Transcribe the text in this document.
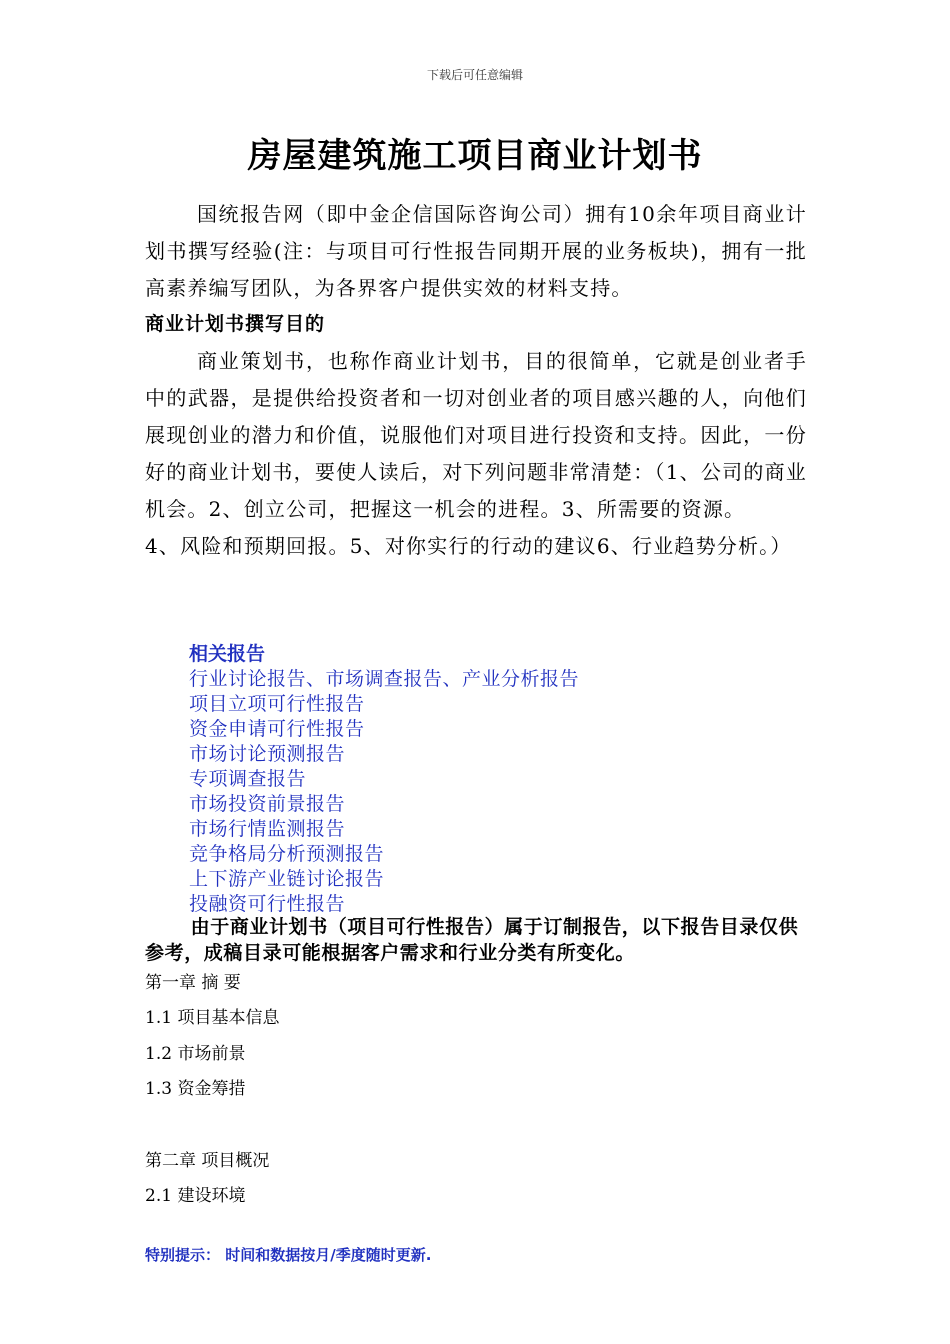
下载后可任意编辑
房屋建筑施工项目商业计划书

国统报告网（即中金企信国际咨询公司）拥有10余年项目商业计划书撰写经验(注：与项目可行性报告同期开展的业务板块)，拥有一批高素养编写团队，为各界客户提供实效的材料支持。

商业计划书撰写目的

商业策划书，也称作商业计划书，目的很简单，它就是创业者手中的武器，是提供给投资者和一切对创业者的项目感兴趣的人，向他们展现创业的潜力和价值，说服他们对项目进行投资和支持。因此，一份好的商业计划书，要使人读后，对下列问题非常清楚：（1、公司的商业机会。2、创立公司，把握这一机会的进程。3、所需要的资源。

4、风险和预期回报。5、对你实行的行动的建议6、行业趋势分析。）

相关报告

行业讨论报告、市场调查报告、产业分析报告
项目立项可行性报告
资金申请可行性报告
市场讨论预测报告
专项调查报告
市场投资前景报告
市场行情监测报告
竞争格局分析预测报告
上下游产业链讨论报告
投融资可行性报告

由于商业计划书（项目可行性报告）属于订制报告，以下报告目录仅供参考，成稿目录可能根据客户需求和行业分类有所变化。

第一章 摘 要

1.1 项目基本信息

1.2 市场前景

1.3 资金筹措

第二章 项目概况

2.1 建设环境

特别提示： 时间和数据按月/季度随时更新.
